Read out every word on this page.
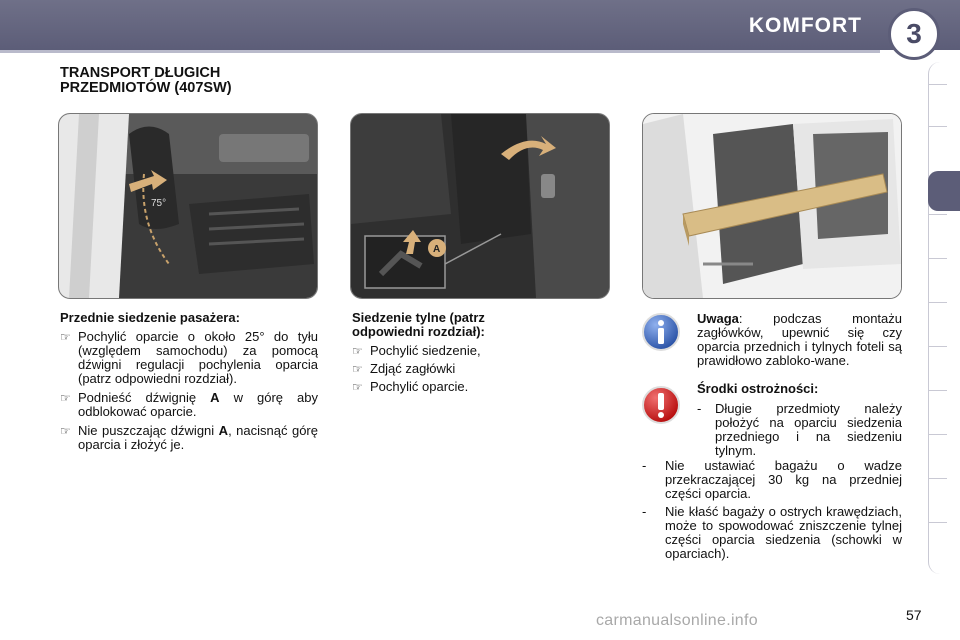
KOMFORT 3
TRANSPORT DŁUGICH
PRZEDMIOTÓW (407SW)
75°
A
Przednie siedzenie pasażera:
☞ Pochylić oparcie o około 25° do tyłu (względem samochodu) za pomocą dźwigni regulacji pochylenia oparcia (patrz odpowiedni rozdział).
☞ Podnieść dźwignię A w górę aby odblokować oparcie.
☞ Nie puszczając dźwigni A, nacisnąć górę oparcia i złożyć je.
Siedzenie tylne (patrz odpowiedni rozdział):
☞ Pochylić siedzenie,
☞ Zdjąć zagłówki
☞ Pochylić oparcie.
Uwaga: podczas montażu zagłówków, upewnić się czy oparcia przednich i tylnych foteli są prawidłowo zabloko-wane.
Środki ostrożności:
- Długie przedmioty należy położyć na oparciu siedzenia przedniego i na siedzeniu tylnym.
- Nie ustawiać bagażu o wadze przekraczającej 30 kg na przedniej części oparcia.
- Nie kłaść bagaży o ostrych krawędziach, może to spowodować zniszczenie tylnej części oparcia siedzenia (schowki w oparciach).
carmanualsonline.info	57
